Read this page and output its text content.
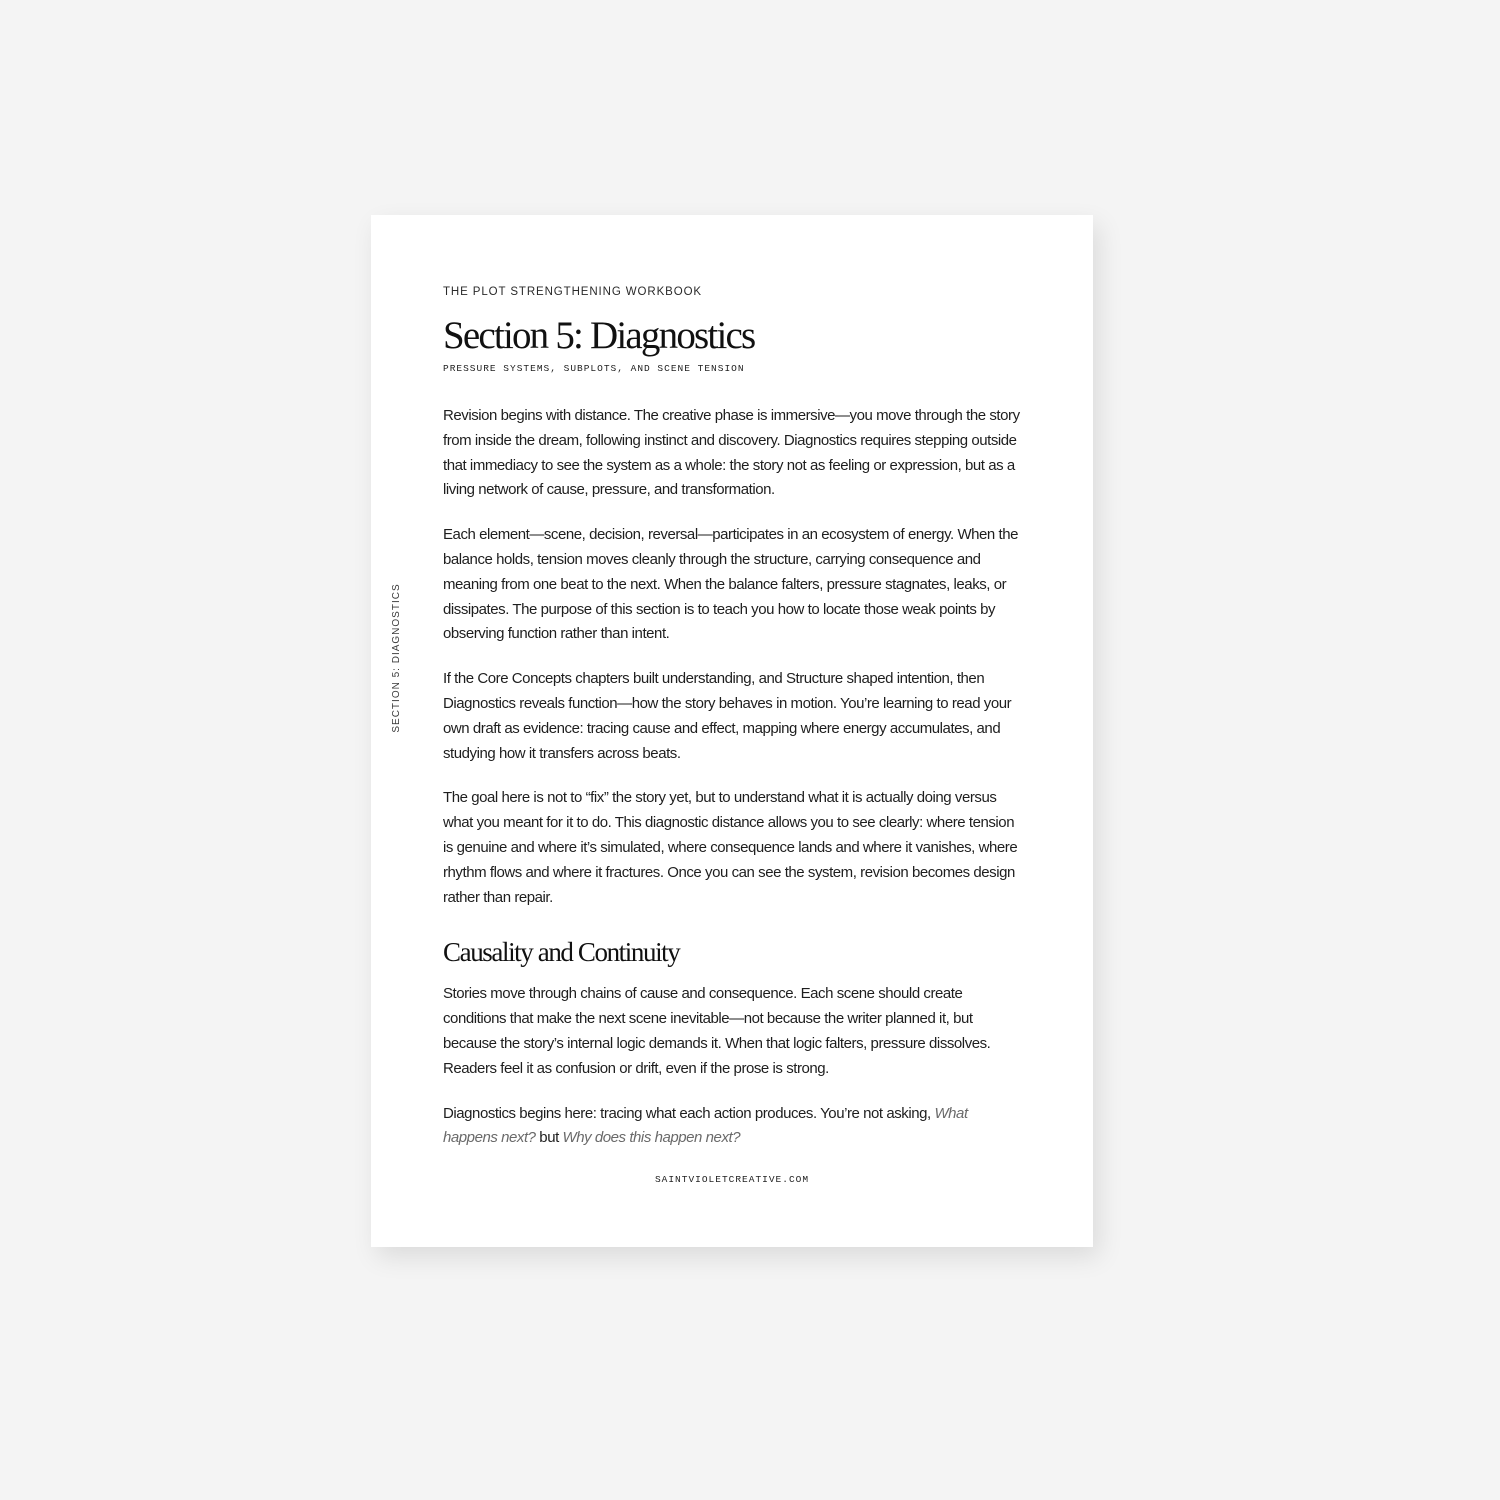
SECTION 5: DIAGNOSTICS

THE PLOT STRENGTHENING WORKBOOK

Section 5: Diagnostics

PRESSURE SYSTEMS, SUBPLOTS, AND SCENE TENSION

Revision begins with distance. The creative phase is immersive—you move through the story from inside the dream, following instinct and discovery. Diagnostics requires stepping outside that immediacy to see the system as a whole: the story not as feeling or expression, but as a living network of cause, pressure, and transformation.

Each element—scene, decision, reversal—participates in an ecosystem of energy. When the balance holds, tension moves cleanly through the structure, carrying consequence and meaning from one beat to the next. When the balance falters, pressure stagnates, leaks, or dissipates. The purpose of this section is to teach you how to locate those weak points by observing function rather than intent.

If the Core Concepts chapters built understanding, and Structure shaped intention, then Diagnostics reveals function—how the story behaves in motion. You’re learning to read your own draft as evidence: tracing cause and effect, mapping where energy accumulates, and studying how it transfers across beats.

The goal here is not to “fix” the story yet, but to understand what it is actually doing versus what you meant for it to do. This diagnostic distance allows you to see clearly: where tension is genuine and where it’s simulated, where consequence lands and where it vanishes, where rhythm flows and where it fractures. Once you can see the system, revision becomes design rather than repair.

Causality and Continuity

Stories move through chains of cause and consequence. Each scene should create conditions that make the next scene inevitable—not because the writer planned it, but because the story’s internal logic demands it. When that logic falters, pressure dissolves. Readers feel it as confusion or drift, even if the prose is strong.

Diagnostics begins here: tracing what each action produces. You’re not asking, What happens next? but Why does this happen next?

SAINTVIOLETCREATIVE.COM
